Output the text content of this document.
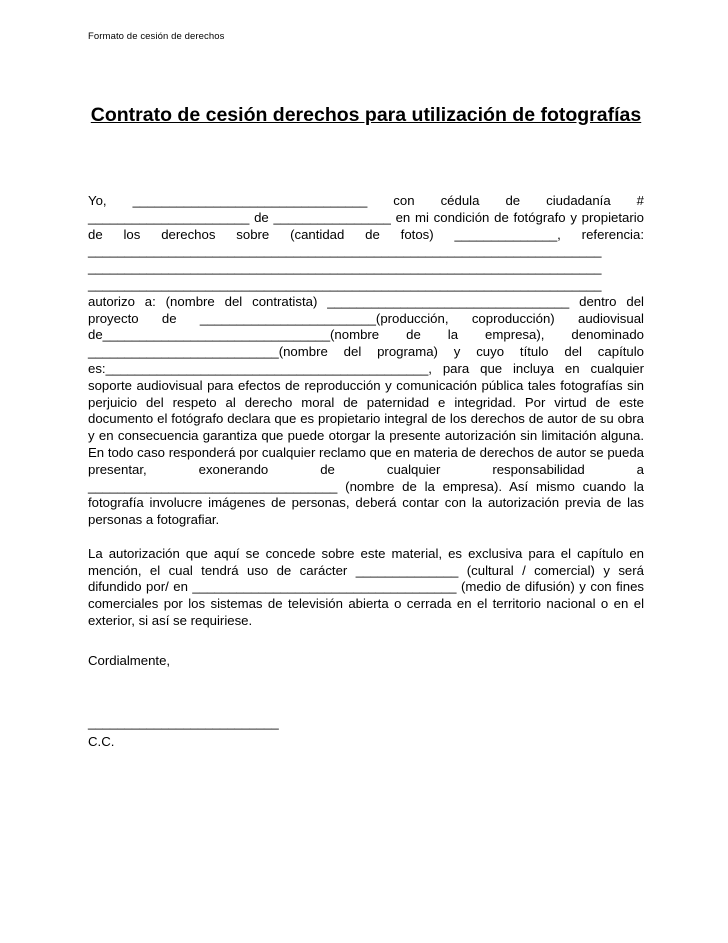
Formato de cesión de derechos
Contrato de cesión derechos para utilización de fotografías

Yo, ________________________________ con cédula de ciudadanía # ______________________ de ________________ en mi condición de fotógrafo y propietario de los derechos sobre (cantidad de fotos) ______________, referencia: ______________________________________________________________________ ______________________________________________________________________ ______________________________________________________________________ autorizo a: (nombre del contratista) _________________________________ dentro del proyecto de ________________________(producción, coproducción) audiovisual de_______________________________(nombre de la empresa), denominado __________________________(nombre del programa) y cuyo título del capítulo es:____________________________________________, para que incluya en cualquier soporte audiovisual para efectos de reproducción y comunicación pública tales fotografías sin perjuicio del respeto al derecho moral de paternidad e integridad. Por virtud de este documento el fotógrafo declara que es propietario integral de los derechos de autor de su obra y en consecuencia garantiza que puede otorgar la presente autorización sin limitación alguna. En todo caso responderá por cualquier reclamo que en materia de derechos de autor se pueda presentar, exonerando de cualquier responsabilidad a __________________________________ (nombre de la empresa). Así mismo cuando la fotografía involucre imágenes de personas, deberá contar con la autorización previa de las personas a fotografiar.

La autorización que aquí se concede sobre este material, es exclusiva para el capítulo en mención, el cual tendrá uso de carácter ______________ (cultural / comercial) y será difundido por/ en ____________________________________ (medio de difusión) y con fines comerciales por los sistemas de televisión abierta o cerrada en el territorio nacional o en el exterior, si así se requiriese.

Cordialmente,
__________________________
C.C.
